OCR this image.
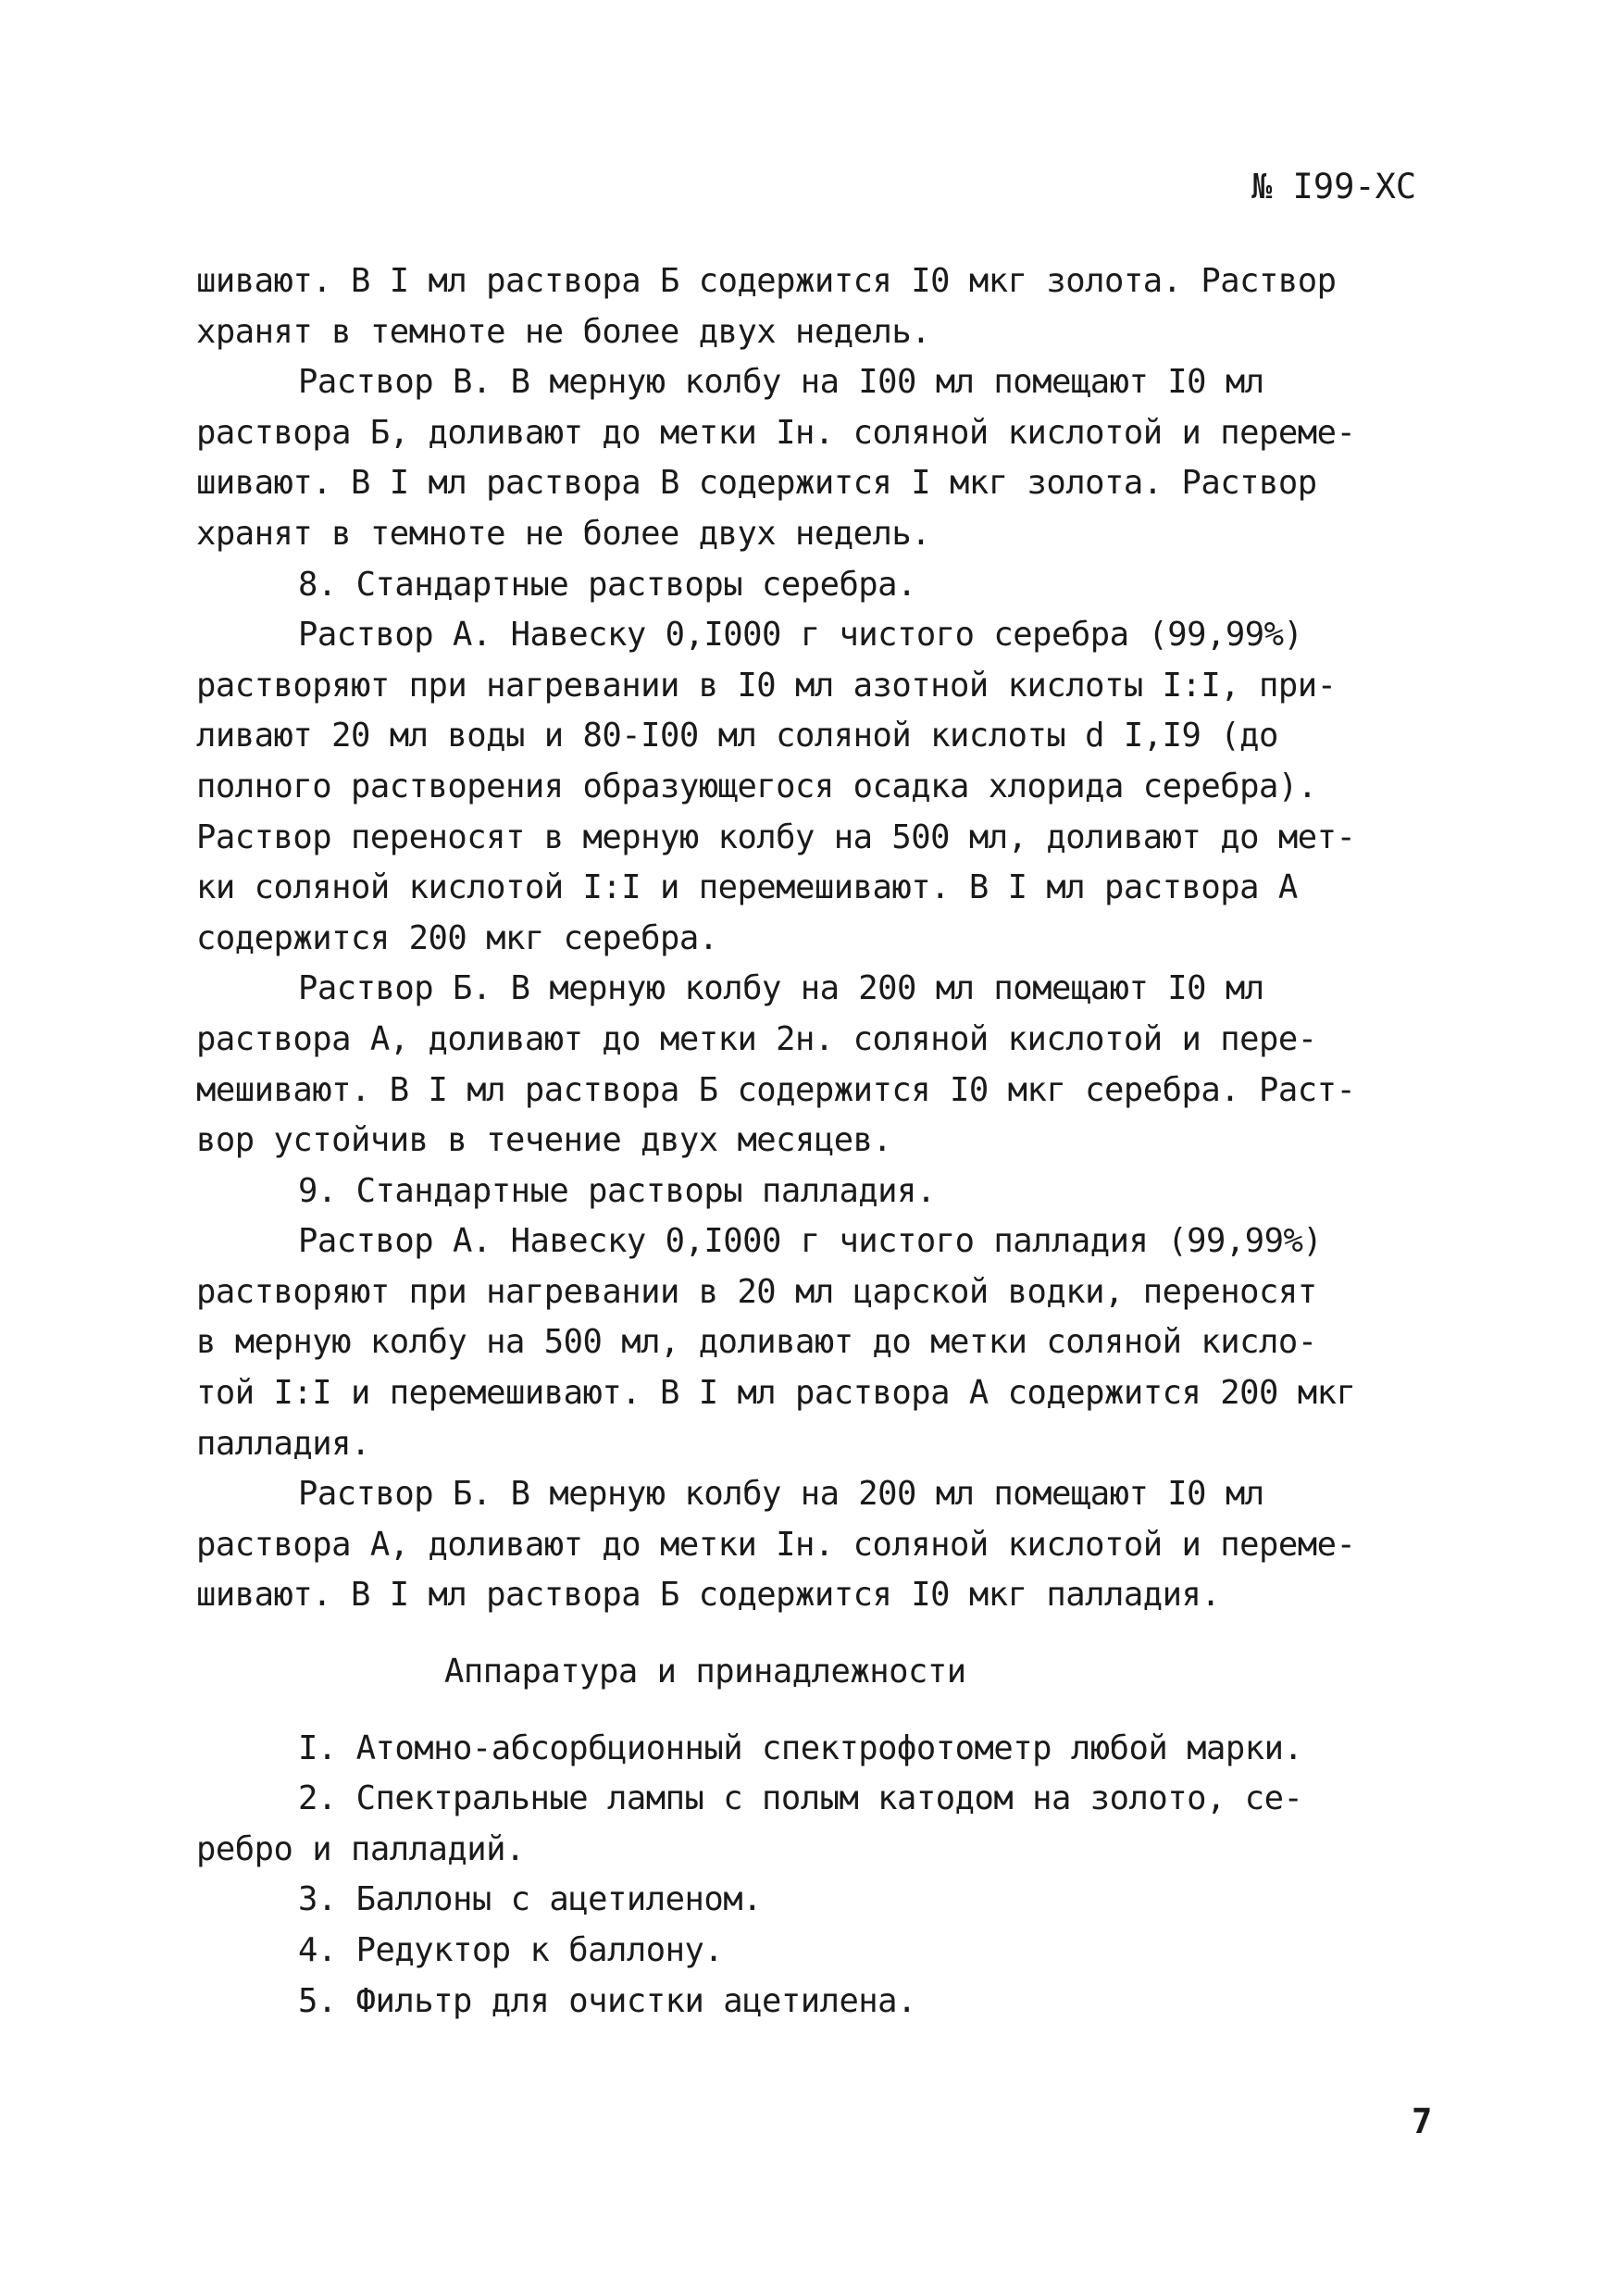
№ I99-XC
шивают. В I мл раствора Б содержится I0 мкг золота. Раствор
хранят в темноте не более двух недель.
Раствор В. В мерную колбу на I00 мл помещают I0 мл
раствора Б, доливают до метки Iн. соляной кислотой и переме-
шивают. В I мл раствора В содержится I мкг золота. Раствор
хранят в темноте не более двух недель.
8. Стандартные растворы серебра.
Раствор А. Навеску 0,I000 г чистого серебра (99,99%)
растворяют при нагревании в I0 мл азотной кислоты I:I, при-
ливают 20 мл воды и 80-I00 мл соляной кислоты d I,I9 (до
полного растворения образующегося осадка хлорида серебра).
Раствор переносят в мерную колбу на 500 мл, доливают до мет-
ки соляной кислотой I:I и перемешивают. В I мл раствора А
содержится 200 мкг серебра.
Раствор Б. В мерную колбу на 200 мл помещают I0 мл
раствора А, доливают до метки 2н. соляной кислотой и пере-
мешивают. В I мл раствора Б содержится I0 мкг серебра. Раст-
вор устойчив в течение двух месяцев.
9. Стандартные растворы палладия.
Раствор А. Навеску 0,I000 г чистого палладия (99,99%)
растворяют при нагревании в 20 мл царской водки, переносят
в мерную колбу на 500 мл, доливают до метки соляной кисло-
той I:I и перемешивают. В I мл раствора А содержится 200 мкг
палладия.
Раствор Б. В мерную колбу на 200 мл помещают I0 мл
раствора А, доливают до метки Iн. соляной кислотой и переме-
шивают. В I мл раствора Б содержится I0 мкг палладия.
Аппаратура и принадлежности
I. Атомно-абсорбционный спектрофотометр любой марки.
2. Спектральные лампы с полым катодом на золото, се-
ребро и палладий.
3. Баллоны с ацетиленом.
4. Редуктор к баллону.
5. Фильтр для очистки ацетилена.
7
